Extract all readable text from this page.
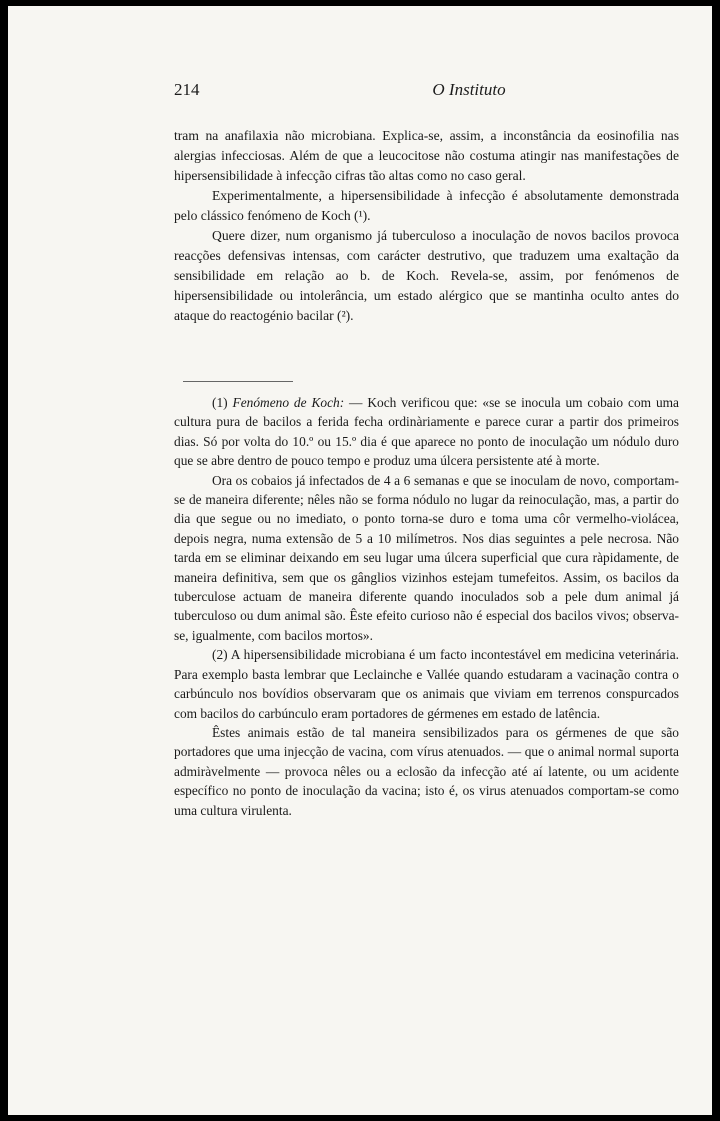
214	O Instituto

tram na anafilaxia não microbiana. Explica-se, assim, a inconstância da eosinofilia nas alergias infecciosas. Além de que a leucocitose não costuma atingir nas manifestações de hipersensibilidade à infecção cifras tão altas como no caso geral.

Experimentalmente, a hipersensibilidade à infecção é absolutamente demonstrada pelo clássico fenómeno de Koch (¹).

Quere dizer, num organismo já tuberculoso a inoculação de novos bacilos provoca reacções defensivas intensas, com carácter destrutivo, que traduzem uma exaltação da sensibilidade em relação ao b. de Koch. Revela-se, assim, por fenómenos de hipersensibilidade ou intolerância, um estado alérgico que se mantinha oculto antes do ataque do reactogénio bacilar (²).

(1) Fenómeno de Koch: — Koch verificou que: «se se inocula um cobaio com uma cultura pura de bacilos a ferida fecha ordinàriamente e parece curar a partir dos primeiros dias. Só por volta do 10.º ou 15.º dia é que aparece no ponto de inoculação um nódulo duro que se abre dentro de pouco tempo e produz uma úlcera persistente até à morte.

Ora os cobaios já infectados de 4 a 6 semanas e que se inoculam de novo, comportam-se de maneira diferente; nêles não se forma nódulo no lugar da reinoculação, mas, a partir do dia que segue ou no imediato, o ponto torna-se duro e toma uma côr vermelho-violácea, depois negra, numa extensão de 5 a 10 milímetros. Nos dias seguintes a pele necrosa. Não tarda em se eliminar deixando em seu lugar uma úlcera superficial que cura ràpidamente, de maneira definitiva, sem que os gânglios vizinhos estejam tumefeitos. Assim, os bacilos da tuberculose actuam de maneira diferente quando inoculados sob a pele dum animal já tuberculoso ou dum animal são. Êste efeito curioso não é especial dos bacilos vivos; observa-se, igualmente, com bacilos mortos».

(2) A hipersensibilidade microbiana é um facto incontestável em medicina veterinária. Para exemplo basta lembrar que Leclainche e Vallée quando estudaram a vacinação contra o carbúnculo nos bovídios observaram que os animais que viviam em terrenos conspurcados com bacilos do carbúnculo eram portadores de gérmenes em estado de latência.

Êstes animais estão de tal maneira sensibilizados para os gérmenes de que são portadores que uma injecção de vacina, com vírus atenuados. — que o animal normal suporta admiràvelmente — provoca nêles ou a eclosão da infecção até aí latente, ou um acidente específico no ponto de inoculação da vacina; isto é, os virus atenuados comportam-se como uma cultura virulenta.
